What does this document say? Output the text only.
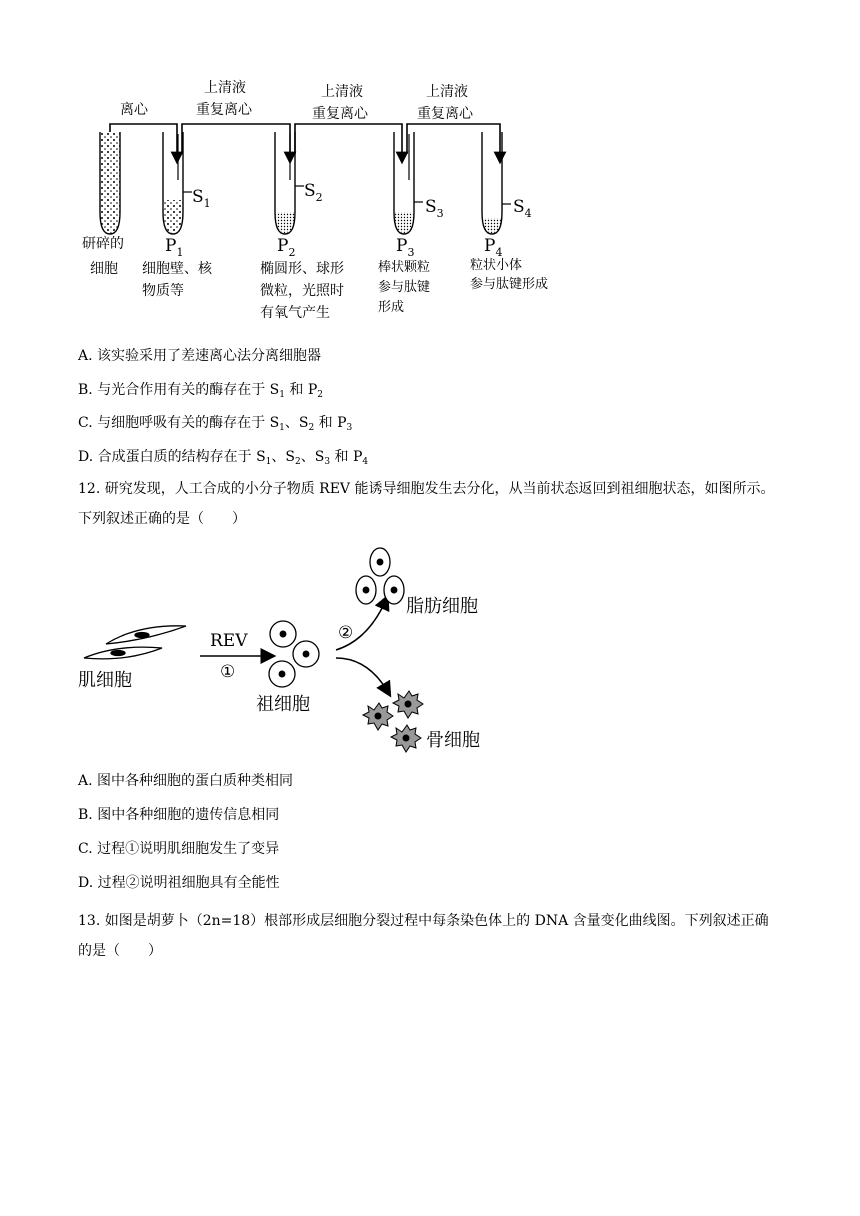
离心
上清液
重复离心
上清液
重复离心
上清液
重复离心
研碎的
细胞
$S_1$
$P_1$
细胞壁、核
物质等
$S_2$
$P_2$
椭圆形、球形
微粒，光照时
有氧气产生
$S_3$
$P_3$
棒状颗粒
参与肽键
形成
$S_4$
$P_4$
粒状小体
参与肽键形成
A. 该实验采用了差速离心法分离细胞器
B. 与光合作用有关的酶存在于 $S_1$ 和 $P_2$
C. 与细胞呼吸有关的酶存在于 $S_1$、$S_2$ 和 $P_3$
D. 合成蛋白质的结构存在于 $S_1$、$S_2$、$S_3$ 和 $P_4$
12. 研究发现，人工合成的小分子物质 REV 能诱导细胞发生去分化，从当前状态返回到祖细胞状态，如图所示。下列叙述正确的是（　　）
肌细胞
REV
①
祖细胞
②
脂肪细胞
骨细胞
A. 图中各种细胞的蛋白质种类相同
B. 图中各种细胞的遗传信息相同
C. 过程①说明肌细胞发生了变异
D. 过程②说明祖细胞具有全能性
13. 如图是胡萝卜（2n=18）根部形成层细胞分裂过程中每条染色体上的 DNA 含量变化曲线图。下列叙述正确的是（　　）
